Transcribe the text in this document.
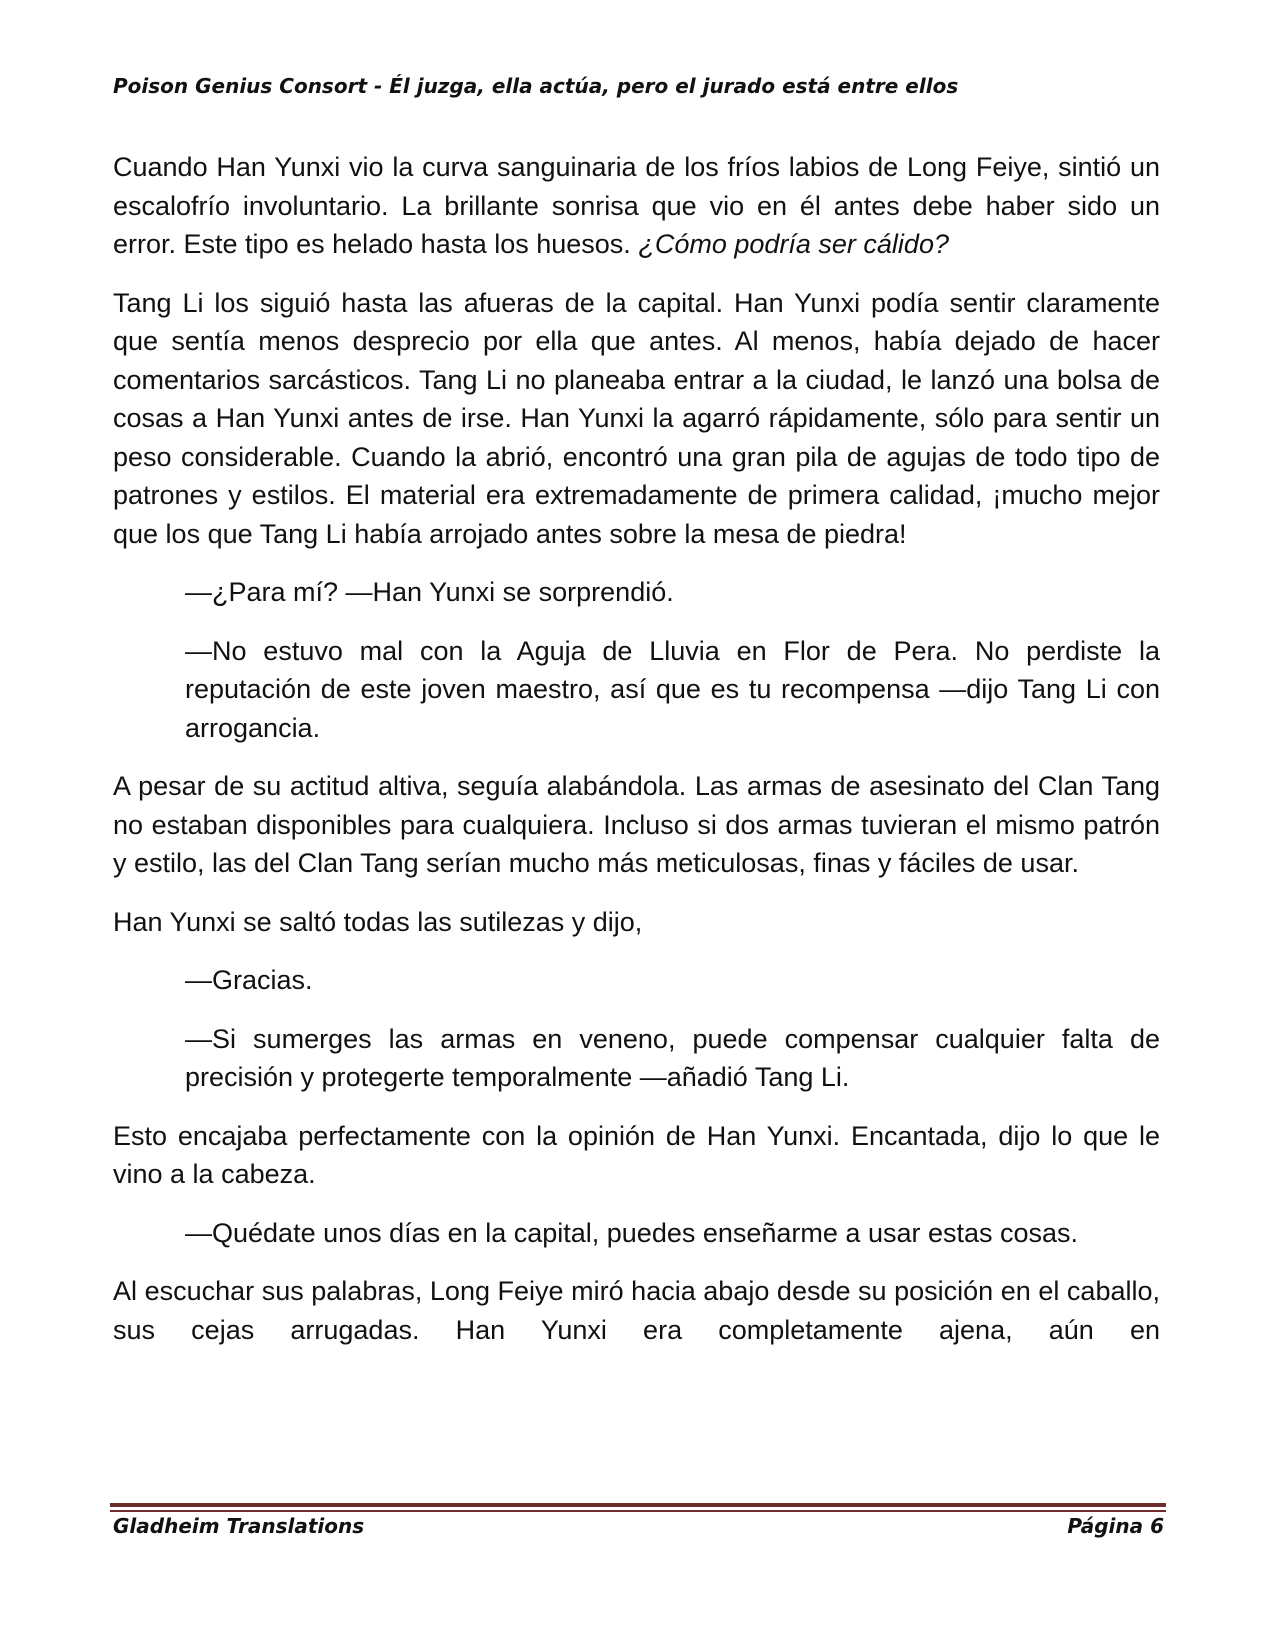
Poison Genius Consort - Él juzga, ella actúa, pero el jurado está entre ellos

Cuando Han Yunxi vio la curva sanguinaria de los fríos labios de Long Feiye, sintió un escalofrío involuntario. La brillante sonrisa que vio en él antes debe haber sido un error. Este tipo es helado hasta los huesos. ¿Cómo podría ser cálido?

Tang Li los siguió hasta las afueras de la capital. Han Yunxi podía sentir claramente que sentía menos desprecio por ella que antes. Al menos, había dejado de hacer comentarios sarcásticos. Tang Li no planeaba entrar a la ciudad, le lanzó una bolsa de cosas a Han Yunxi antes de irse. Han Yunxi la agarró rápidamente, sólo para sentir un peso considerable. Cuando la abrió, encontró una gran pila de agujas de todo tipo de patrones y estilos. El material era extremadamente de primera calidad, ¡mucho mejor que los que Tang Li había arrojado antes sobre la mesa de piedra!

—¿Para mí? —Han Yunxi se sorprendió.

—No estuvo mal con la Aguja de Lluvia en Flor de Pera. No perdiste la reputación de este joven maestro, así que es tu recompensa —dijo Tang Li con arrogancia.

A pesar de su actitud altiva, seguía alabándola. Las armas de asesinato del Clan Tang no estaban disponibles para cualquiera. Incluso si dos armas tuvieran el mismo patrón y estilo, las del Clan Tang serían mucho más meticulosas, finas y fáciles de usar.

Han Yunxi se saltó todas las sutilezas y dijo,

—Gracias.

—Si sumerges las armas en veneno, puede compensar cualquier falta de precisión y protegerte temporalmente —añadió Tang Li.

Esto encajaba perfectamente con la opinión de Han Yunxi. Encantada, dijo lo que le vino a la cabeza.

—Quédate unos días en la capital, puedes enseñarme a usar estas cosas.

Al escuchar sus palabras, Long Feiye miró hacia abajo desde su posición en el caballo, sus cejas arrugadas. Han Yunxi era completamente ajena, aún en

Gladheim Translations	Página 6
